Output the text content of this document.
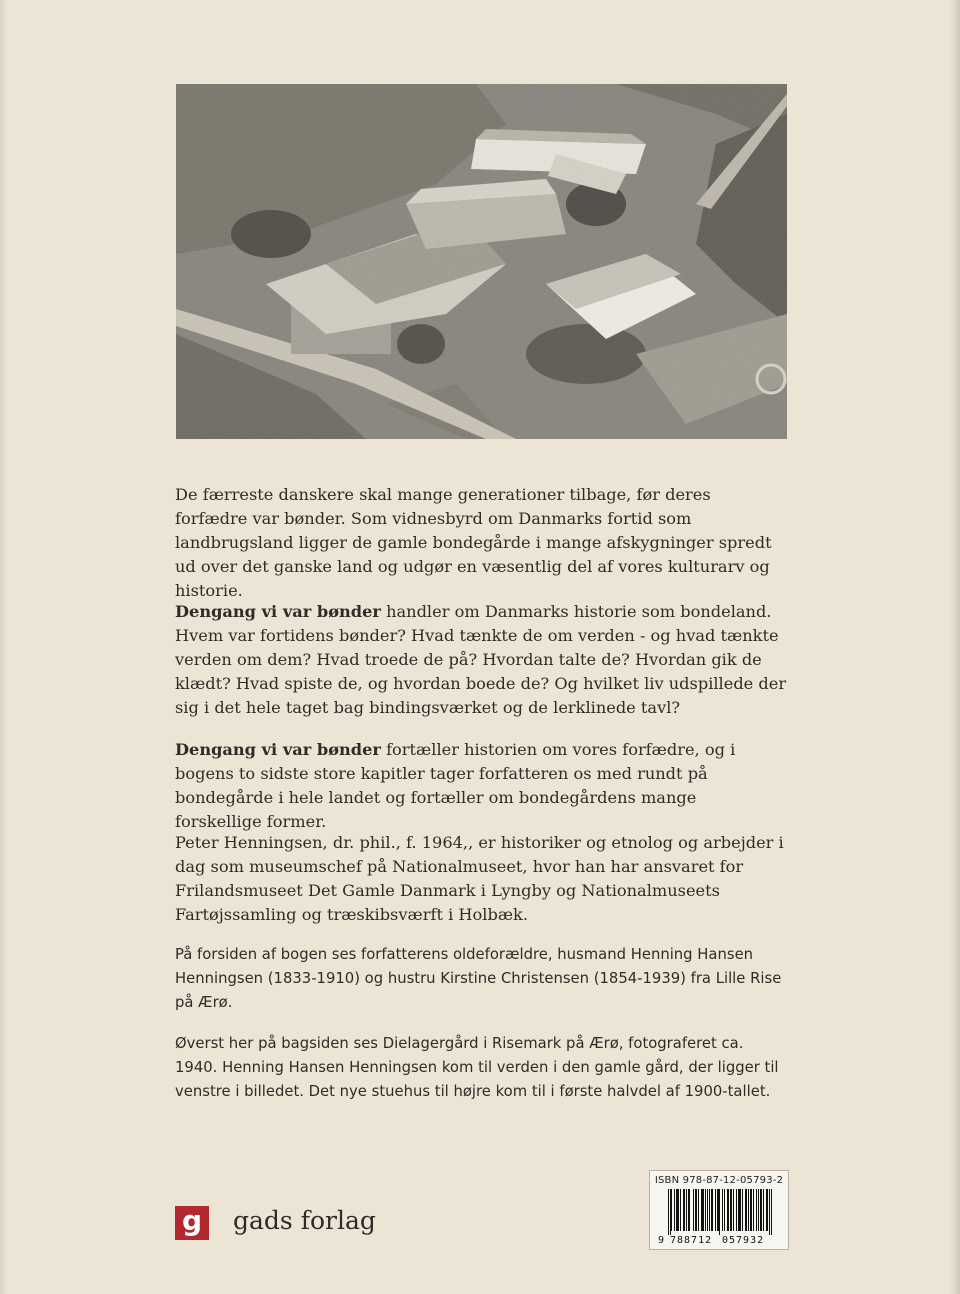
De færreste danskere skal mange generationer tilbage, før deres forfædre var bønder. Som vidnesbyrd om Danmarks fortid som landbrugsland ligger de gamle bondegårde i mange afskygninger spredt ud over det ganske land og udgør en væsentlig del af vores kulturarv og historie.

Dengang vi var bønder handler om Danmarks historie som bondeland. Hvem var fortidens bønder? Hvad tænkte de om verden - og hvad tænkte verden om dem? Hvad troede de på? Hvordan talte de? Hvordan gik de klædt? Hvad spiste de, og hvordan boede de? Og hvilket liv udspillede der sig i det hele taget bag bindingsværket og de lerklinede tavl?

Dengang vi var bønder fortæller historien om vores forfædre, og i bogens to sidste store kapitler tager forfatteren os med rundt på bondegårde i hele landet og fortæller om bondegårdens mange forskellige former.

Peter Henningsen, dr. phil., f. 1964,, er historiker og etnolog og arbejder i dag som museumschef på Nationalmuseet, hvor han har ansvaret for Frilandsmuseet Det Gamle Danmark i Lyngby og Nationalmuseets Fartøjssamling og træskibsværft i Holbæk.

På forsiden af bogen ses forfatterens oldeforældre, husmand Henning Hansen Henningsen (1833-1910) og hustru Kirstine Christensen (1854-1939) fra Lille Rise på Ærø.

Øverst her på bagsiden ses Dielagergård i Risemark på Ærø, fotograferet ca. 1940. Henning Hansen Henningsen kom til verden i den gamle gård, der ligger til venstre i billedet. Det nye stuehus til højre kom til i første halvdel af 1900-tallet.

g gads forlag
ISBN 978-87-12-05793-2
9 788712 057932
